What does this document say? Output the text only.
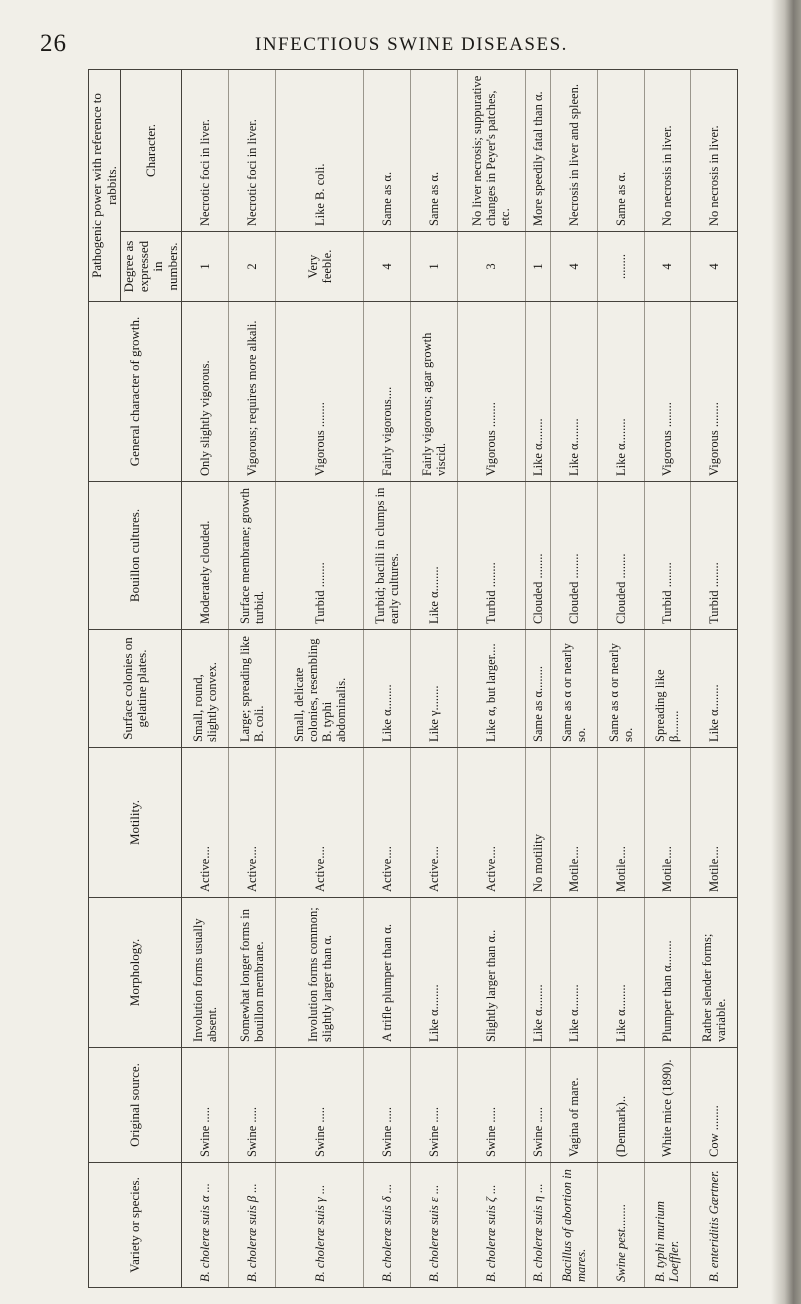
26	INFECTIOUS SWINE DISEASES.
Variety or species.	Original source.	Morphology.	Motility.	Surface colonies on gelatine plates.	Bouillon cultures.	General character of growth.	Pathogenic power with reference to rabbits.	
							Degree as expressed in numbers.	Character.
B. choleræ suis α ...	Swine .....	Involution forms usually absent.	Active....	Small, round, slightly convex.	Moderately clouded.	Only slightly vigorous.	1	Necrotic foci in liver.
B. choleræ suis β ...	Swine .....	Somewhat longer forms in bouillon membrane.	Active....	Large; spreading like B. coli.	Surface membrane; growth turbid.	Vigorous; requires more alkali.	2	Necrotic foci in liver.
B. choleræ suis γ ...	Swine .....	Involution forms common; slightly larger than α.	Active....	Small, delicate colonies, resembling B. typhi abdominalis.	Turbid ........	Vigorous ........	Very feeble.	Like B. coli.
B. choleræ suis δ ...	Swine .....	A trifle plumper than α.	Active....	Like α........	Turbid; bacilli in clumps in early cultures.	Fairly vigorous....	4	Same as α.
B. choleræ suis ε ...	Swine .....	Like α........	Active....	Like γ........	Like α........	Fairly vigorous; agar growth viscid.	1	Same as α.
B. choleræ suis ζ ...	Swine .....	Slightly larger than α..	Active....	Like α, but larger....	Turbid ........	Vigorous ........	3	No liver necrosis; suppurative changes in Peyer's patches, etc.
B. choleræ suis η ...	Swine .....	Like α........	No motility	Same as α........	Clouded ........	Like α........	1	More speedily fatal than α.
Bacillus of abortion in mares.	Vagina of mare.	Like α........	Motile....	Same as α or nearly so.	Clouded ........	Like α........	4	Necrosis in liver and spleen.
Swine pest........	(Denmark)..	Like α........	Motile....	Same as α or nearly so.	Clouded ........	Like α........	........	Same as α.
B. typhi murium Loeffler.	White mice (1890).	Plumper than α........	Motile....	Spreading like β........	Turbid ........	Vigorous ........	4	No necrosis in liver.
B. enteriditis Gærtner.	Cow ........	Rather slender forms; variable.	Motile....	Like α........	Turbid ........	Vigorous ........	4	No necrosis in liver.
